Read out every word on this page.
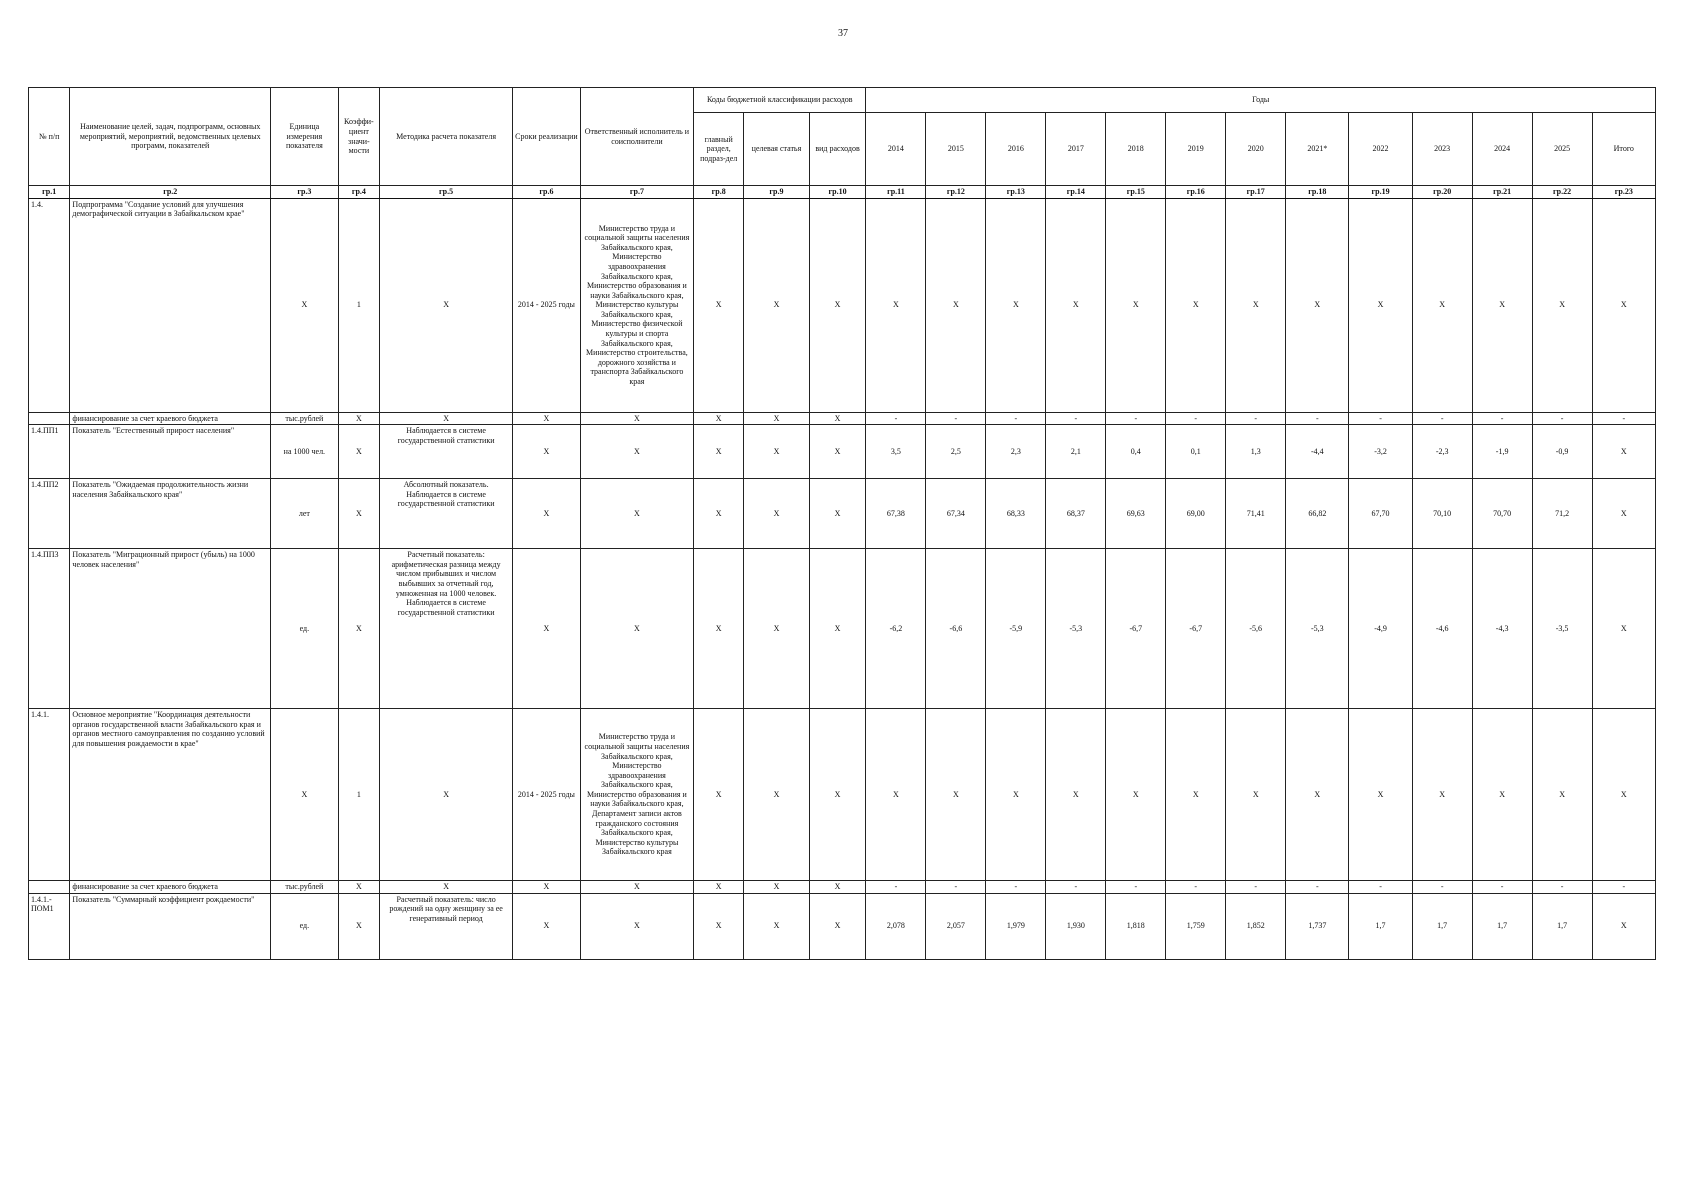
37
№ п/п	Наименование целей, задач, подпрограмм, основных мероприятий, мероприятий, ведомственных целевых программ, показателей	Единица измерения показателя	Коэффи-циент значи-мости	Методика расчета показателя	Сроки реализации	Ответственный исполнитель и соисполнители	Коды бюджетной классификации расходов			Годы												
							главный раздел, подраз-дел	целевая статья	вид расходов	2014	2015	2016	2017	2018	2019	2020	2021*	2022	2023	2024	2025	Итого
гр.1	гр.2	гр.3	гр.4	гр.5	гр.6	гр.7	гр.8	гр.9	гр.10	гр.11	гр.12	гр.13	гр.14	гр.15	гр.16	гр.17	гр.18	гр.19	гр.20	гр.21	гр.22	гр.23
1.4.	Подпрограмма "Создание условий для улучшения демографической ситуации в Забайкальском крае"	X	1	X	2014 - 2025 годы	Министерство труда и социальной защиты населения Забайкальского края, Министерство здравоохранения Забайкальского края, Министерство образования и науки Забайкальского края, Министерство культуры Забайкальского края, Министерство физической культуры и спорта Забайкальского края, Министерство строительства, дорожного хозяйства и транспорта Забайкальского края	X	X	X	X	X	X	X	X	X	X	X	X	X	X	X	X
	финансирование за счет краевого бюджета	тыс.рублей	X	X	X	X	X	X	X	-	-	-	-	-	-	-	-	-	-	-	-	-
1.4.ПП1	Показатель "Естественный прирост населения"	на 1000 чел.	X	Наблюдается в системе государственной статистики	X	X	X	X	X	3,5	2,5	2,3	2,1	0,4	0,1	1,3	-4,4	-3,2	-2,3	-1,9	-0,9	X
1.4.ПП2	Показатель "Ожидаемая продолжительность жизни населения Забайкальского края"	лет	X	Абсолютный показатель. Наблюдается в системе государственной статистики	X	X	X	X	X	67,38	67,34	68,33	68,37	69,63	69,00	71,41	66,82	67,70	70,10	70,70	71,2	X
1.4.ПП3	Показатель "Миграционный прирост (убыль) на 1000 человек населения"	ед.	X	Расчетный показатель: арифметическая разница между числом прибывших и числом выбывших за отчетный год, умноженная на 1000 человек. Наблюдается в системе государственной статистики	X	X	X	X	X	-6,2	-6,6	-5,9	-5,3	-6,7	-6,7	-5,6	-5,3	-4,9	-4,6	-4,3	-3,5	X
1.4.1.	Основное мероприятие "Координация деятельности органов государственной власти Забайкальского края и органов местного самоуправления по созданию условий для повышения рождаемости в крае"	X	1	X	2014 - 2025 годы	Министерство труда и социальной защиты населения Забайкальского края, Министерство здравоохранения Забайкальского края, Министерство образования и науки Забайкальского края, Департамент записи актов гражданского состояния Забайкальского края, Министерство культуры Забайкальского края	X	X	X	X	X	X	X	X	X	X	X	X	X	X	X	X
	финансирование за счет краевого бюджета	тыс.рублей	X	X	X	X	X	X	X	-	-	-	-	-	-	-	-	-	-	-	-	-
1.4.1.-ПОМ1	Показатель "Суммарный коэффициент рождаемости"	ед.	X	Расчетный показатель: число рождений на одну женщину за ее генеративный период	X	X	X	X	X	2,078	2,057	1,979	1,930	1,818	1,759	1,852	1,737	1,7	1,7	1,7	1,7	X
